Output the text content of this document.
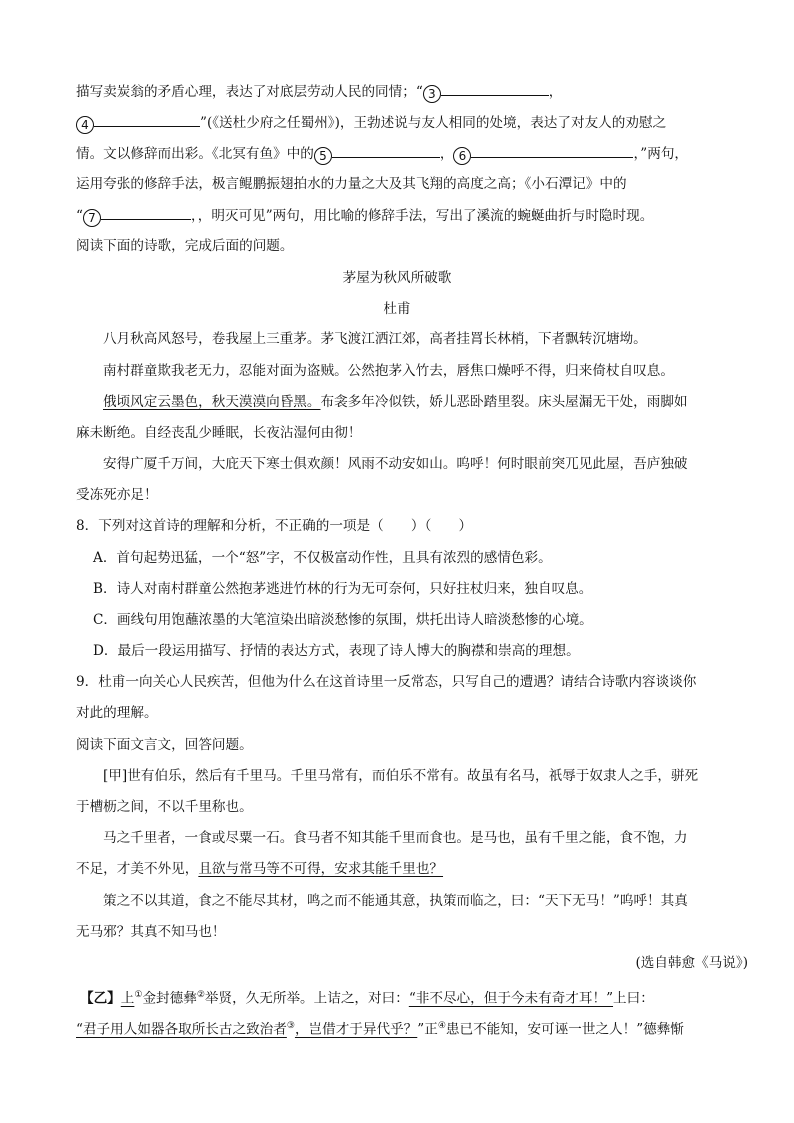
描写卖炭翁的矛盾心理，表达了对底层劳动人民的同情；“ 3	，
4	”(《送杜少府之任蜀州》)，王勃述说与友人相同的处境，表达了对友人的劝慰之
情。文以修辞而出彩。《北冥有鱼》中的 5	， 6	，”两句，
运用夸张的修辞手法，极言鲲鹏振翅拍水的力量之大及其飞翔的高度之高；《小石潭记》中的
“ 7	，，明灭可见”两句，用比喻的修辞手法，写出了溪流的蜿蜒曲折与时隐时现。
阅读下面的诗歌，完成后面的问题。
茅屋为秋风所破歌
杜甫
八月秋高风怒号，卷我屋上三重茅。茅飞渡江洒江郊，高者挂罥长林梢，下者飘转沉塘坳。
南村群童欺我老无力，忍能对面为盗贼。公然抱茅入竹去，唇焦口燥呼不得，归来倚杖自叹息。
俄顷风定云墨色，秋天漠漠向昏黑。布衾多年冷似铁，娇儿恶卧踏里裂。床头屋漏无干处，雨脚如
麻未断绝。自经丧乱少睡眠，长夜沾湿何由彻！
安得广厦千万间，大庇天下寒士俱欢颜！风雨不动安如山。呜呼！何时眼前突兀见此屋，吾庐独破
受冻死亦足！
8．下列对这首诗的理解和分析，不正确的一项是（　　）（　　）
A．首句起势迅猛，一个“怒”字，不仅极富动作性，且具有浓烈的感情色彩。
B．诗人对南村群童公然抱茅逃进竹林的行为无可奈何，只好拄杖归来，独自叹息。
C．画线句用饱蘸浓墨的大笔渲染出暗淡愁惨的氛围，烘托出诗人暗淡愁惨的心境。
D．最后一段运用描写、抒情的表达方式，表现了诗人博大的胸襟和崇高的理想。
9．杜甫一向关心人民疾苦，但他为什么在这首诗里一反常态，只写自己的遭遇？请结合诗歌内容谈谈你
对此的理解。
阅读下面文言文，回答问题。
[甲]世有伯乐，然后有千里马。千里马常有，而伯乐不常有。故虽有名马，祇辱于奴隶人之手，骈死
于槽枥之间，不以千里称也。
马之千里者，一食或尽粟一石。食马者不知其能千里而食也。是马也，虽有千里之能，食不饱，力
不足，才美不外见，且欲与常马等不可得，安求其能千里也？
策之不以其道，食之不能尽其材，鸣之而不能通其意，执策而临之，曰：“天下无马！”呜呼！其真
无马邪？其真不知马也！
(选自韩愈《马说》)
【乙】上①金封德彝②举贤，久无所举。上诘之，对曰：“非不尽心，但于今未有奇才耳！”上曰：
“君子用人如器各取所长古之致治者③，岂借才于异代乎？”正④患已不能知，安可诬一世之人！”德彝惭
